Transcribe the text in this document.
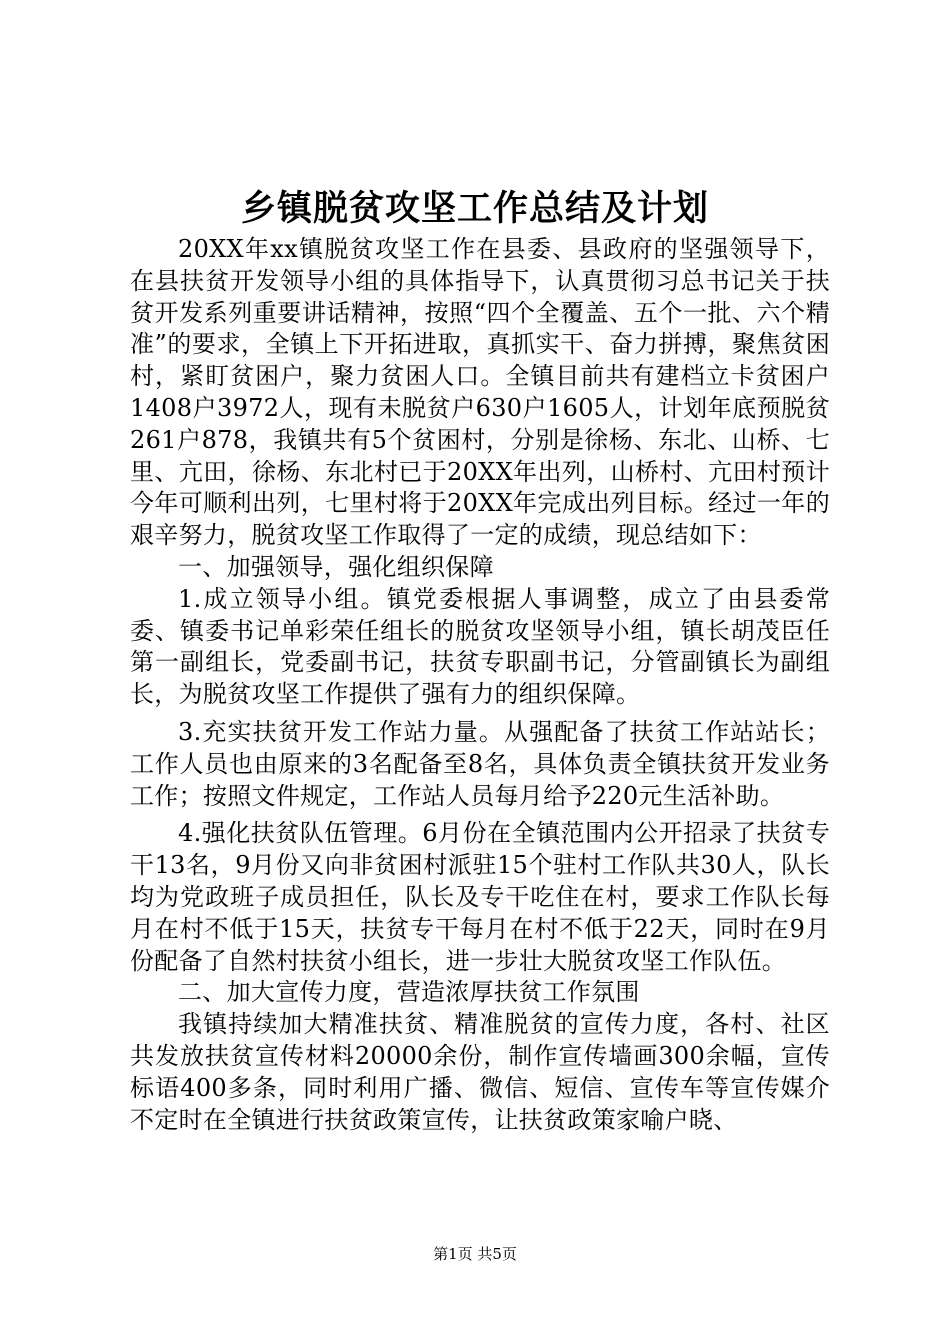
乡镇脱贫攻坚工作总结及计划

20XX年xx镇脱贫攻坚工作在县委、县政府的坚强领导下，在县扶贫开发领导小组的具体指导下，认真贯彻习总书记关于扶贫开发系列重要讲话精神，按照“四个全覆盖、五个一批、六个精准”的要求，全镇上下开拓进取，真抓实干、奋力拼搏，聚焦贫困村，紧盯贫困户，聚力贫困人口。全镇目前共有建档立卡贫困户1408户3972人，现有未脱贫户630户1605人，计划年底预脱贫261户878，我镇共有5个贫困村，分别是徐杨、东北、山桥、七里、亢田，徐杨、东北村已于20XX年出列，山桥村、亢田村预计今年可顺利出列，七里村将于20XX年完成出列目标。经过一年的艰辛努力，脱贫攻坚工作取得了一定的成绩，现总结如下：

一、加强领导，强化组织保障

1.成立领导小组。镇党委根据人事调整，成立了由县委常委、镇委书记单彩荣任组长的脱贫攻坚领导小组，镇长胡茂臣任第一副组长，党委副书记，扶贫专职副书记，分管副镇长为副组长，为脱贫攻坚工作提供了强有力的组织保障。

3.充实扶贫开发工作站力量。从强配备了扶贫工作站站长；工作人员也由原来的3名配备至8名，具体负责全镇扶贫开发业务工作；按照文件规定，工作站人员每月给予220元生活补助。

4.强化扶贫队伍管理。6月份在全镇范围内公开招录了扶贫专干13名，9月份又向非贫困村派驻15个驻村工作队共30人，队长均为党政班子成员担任，队长及专干吃住在村，要求工作队长每月在村不低于15天，扶贫专干每月在村不低于22天，同时在9月份配备了自然村扶贫小组长，进一步壮大脱贫攻坚工作队伍。

二、加大宣传力度，营造浓厚扶贫工作氛围

我镇持续加大精准扶贫、精准脱贫的宣传力度，各村、社区共发放扶贫宣传材料20000余份，制作宣传墙画300余幅，宣传标语400多条，同时利用广播、微信、短信、宣传车等宣传媒介不定时在全镇进行扶贫政策宣传，让扶贫政策家喻户晓、

第1页 共5页
